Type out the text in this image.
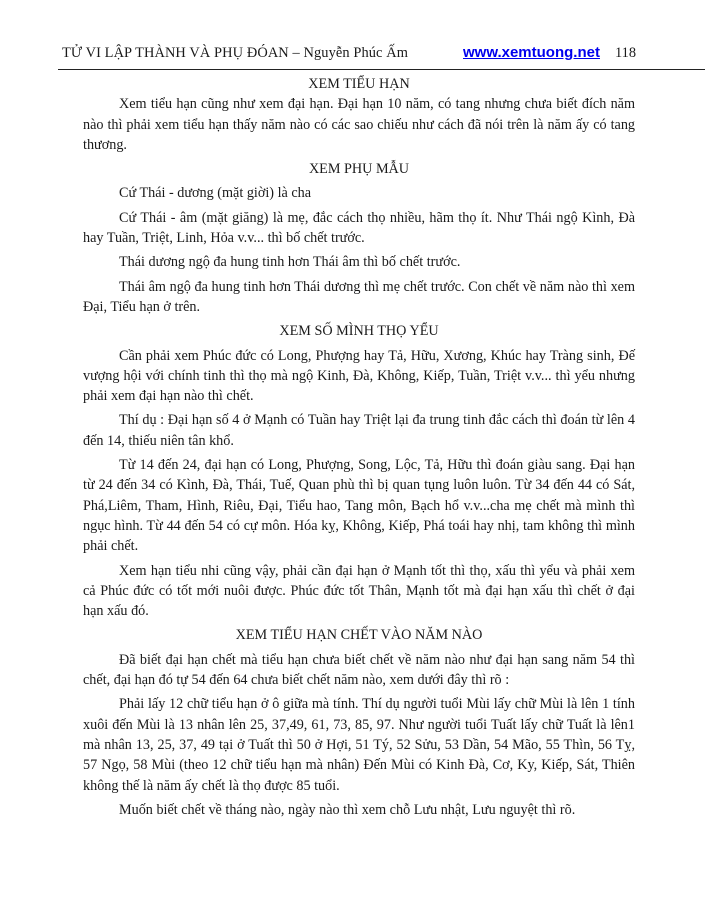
TỬ VI LẬP THÀNH VÀ PHỤ ĐÓAN – Nguyễn Phúc Ấm	www.xemtuong.net 118
XEM TIỂU HẠN

Xem tiểu hạn cũng như xem đại hạn. Đại hạn 10 năm, có tang nhưng chưa biết đích năm nào thì phải xem tiểu hạn thấy năm nào có các sao chiếu như cách đã nói trên là năm ấy có tang thương.

XEM PHỤ MẪU

Cứ Thái - dương (mặt giời) là cha

Cứ Thái - âm (mặt giăng) là mẹ, đắc cách thọ nhiều, hãm thọ ít. Như Thái ngộ Kình, Đà hay Tuần, Triệt, Linh, Hỏa v.v... thì bố chết trước.

Thái dương ngộ đa hung tinh hơn Thái âm thì bố chết trước.

Thái âm ngộ đa hung tinh hơn Thái dương thì mẹ chết trước. Con chết về năm nào thì xem Đại, Tiểu hạn ở trên.

XEM SỐ MÌNH THỌ YỂU

Cần phải xem Phúc đức có Long, Phượng hay Tả, Hữu, Xương, Khúc hay Tràng sinh, Đế vượng hội với chính tinh thì thọ mà ngộ Kinh, Đà, Không, Kiếp, Tuần, Triệt v.v... thì yểu nhưng phải xem đại hạn nào thì chết.

Thí dụ : Đại hạn số 4 ở Mạnh có Tuần hay Triệt lại đa trung tinh đắc cách thì đoán từ lên 4 đến 14, thiếu niên tân khổ.

Từ 14 đến 24, đại hạn có Long, Phượng, Song, Lộc, Tả, Hữu thì đoán giàu sang. Đại hạn từ 24 đến 34 có Kình, Đà, Thái, Tuế, Quan phù thì bị quan tụng luôn luôn. Từ 34 đến 44 có Sát, Phá,Liêm, Tham, Hình, Riêu, Đại, Tiểu hao, Tang môn, Bạch hổ v.v...cha mẹ chết mà mình thì ngục hình. Từ 44 đến 54 có cự môn. Hóa kỵ, Không, Kiếp, Phá toái hay nhị, tam không thì mình phải chết.

Xem hạn tiểu nhi cũng vậy, phải cần đại hạn ở Mạnh tốt thì thọ, xấu thì yểu và phải xem cả Phúc đức có tốt mới nuôi được. Phúc đức tốt Thân, Mạnh tốt mà đại hạn xấu thì chết ở đại hạn xấu đó.

XEM TIỂU HẠN CHẾT VÀO NĂM NÀO

Đã biết đại hạn chết mà tiểu hạn chưa biết chết về năm nào như đại hạn sang năm 54 thì chết, đại hạn đó tự 54 đến 64 chưa biết chết năm nào, xem dưới đây thì rõ :

Phải lấy 12 chữ tiểu hạn ở ô giữa mà tính. Thí dụ người tuổi Mùi lấy chữ Mùi là lên 1 tính xuôi đến Mùi là 13 nhân lên 25, 37,49, 61, 73, 85, 97. Như người tuổi Tuất lấy chữ Tuất là lên1 mà nhân 13, 25, 37, 49 tại ở Tuất thì 50 ở Hợi, 51 Tý, 52 Sửu, 53 Dần, 54 Mão, 55 Thìn, 56 Tỵ, 57 Ngọ, 58 Mùi (theo 12 chữ tiểu hạn mà nhân) Đến Mùi có Kinh Đà, Cơ, Ky, Kiếp, Sát, Thiên không thế là năm ấy chết là thọ được 85 tuổi.

Muốn biết chết về tháng nào, ngày nào thì xem chỗ Lưu nhật, Lưu nguyệt thì rõ.
